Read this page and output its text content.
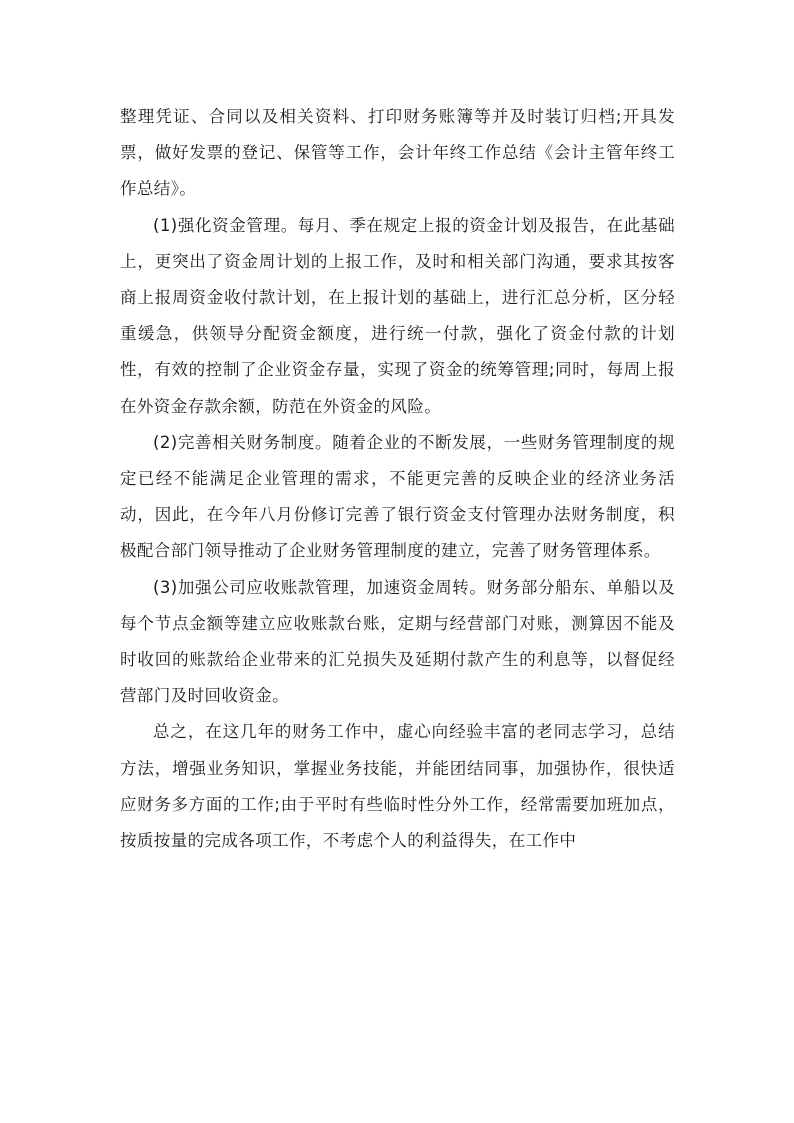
整理凭证、合同以及相关资料、打印财务账簿等并及时装订归档;开具发票，做好发票的登记、保管等工作，会计年终工作总结《会计主管年终工作总结》。

(1)强化资金管理。每月、季在规定上报的资金计划及报告，在此基础上，更突出了资金周计划的上报工作，及时和相关部门沟通，要求其按客商上报周资金收付款计划，在上报计划的基础上，进行汇总分析，区分轻重缓急，供领导分配资金额度，进行统一付款，强化了资金付款的计划性，有效的控制了企业资金存量，实现了资金的统筹管理;同时，每周上报在外资金存款余额，防范在外资金的风险。

(2)完善相关财务制度。随着企业的不断发展，一些财务管理制度的规定已经不能满足企业管理的需求，不能更完善的反映企业的经济业务活动，因此，在今年八月份修订完善了银行资金支付管理办法财务制度，积极配合部门领导推动了企业财务管理制度的建立，完善了财务管理体系。

(3)加强公司应收账款管理，加速资金周转。财务部分船东、单船以及每个节点金额等建立应收账款台账，定期与经营部门对账，测算因不能及时收回的账款给企业带来的汇兑损失及延期付款产生的利息等，以督促经营部门及时回收资金。

总之，在这几年的财务工作中，虚心向经验丰富的老同志学习，总结方法，增强业务知识，掌握业务技能，并能团结同事，加强协作，很快适应财务多方面的工作;由于平时有些临时性分外工作，经常需要加班加点，按质按量的完成各项工作，不考虑个人的利益得失，在工作中
